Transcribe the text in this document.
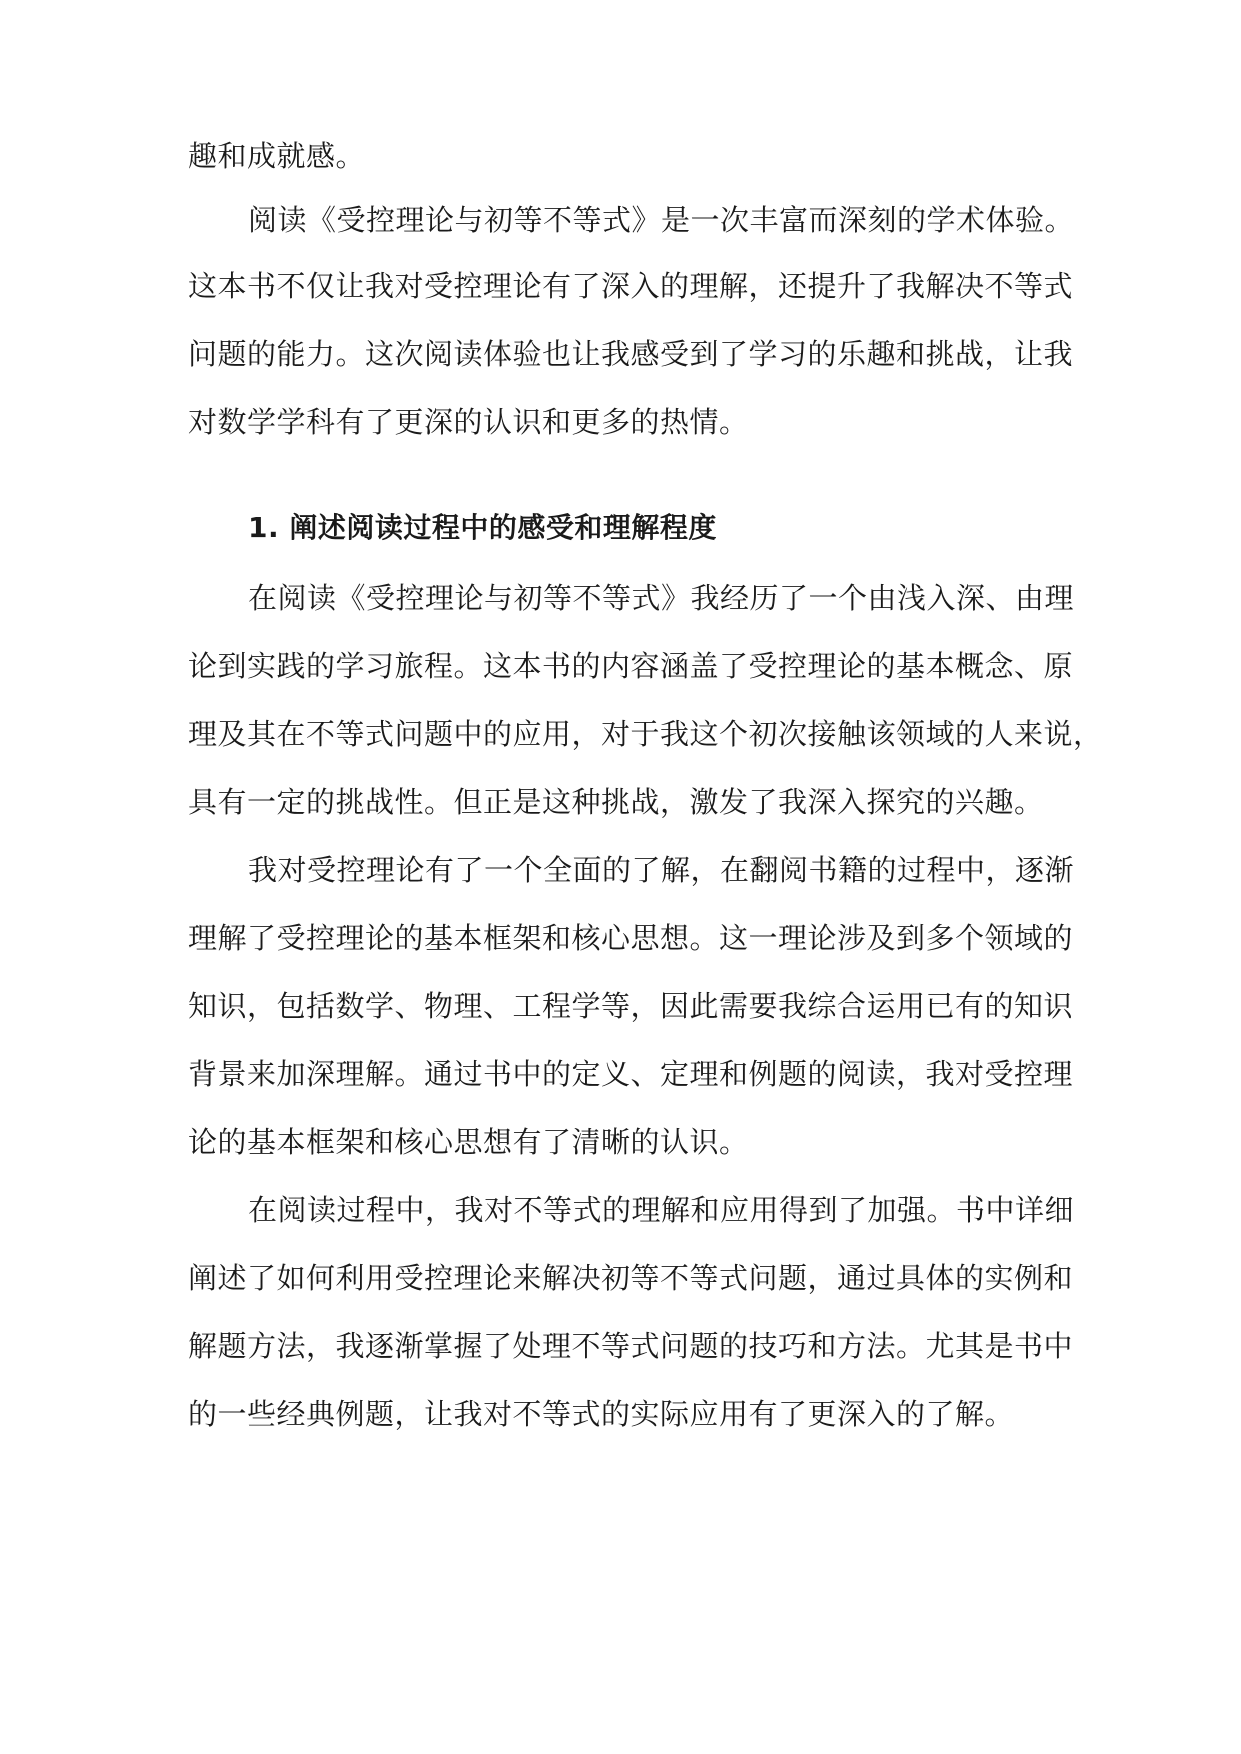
趣和成就感。
阅读《受控理论与初等不等式》是一次丰富而深刻的学术体验。
这本书不仅让我对受控理论有了深入的理解，还提升了我解决不等式
问题的能力。这次阅读体验也让我感受到了学习的乐趣和挑战，让我
对数学学科有了更深的认识和更多的热情。
1. 阐述阅读过程中的感受和理解程度
在阅读《受控理论与初等不等式》我经历了一个由浅入深、由理
论到实践的学习旅程。这本书的内容涵盖了受控理论的基本概念、原
理及其在不等式问题中的应用，对于我这个初次接触该领域的人来说，
具有一定的挑战性。但正是这种挑战，激发了我深入探究的兴趣。
我对受控理论有了一个全面的了解，在翻阅书籍的过程中，逐渐
理解了受控理论的基本框架和核心思想。这一理论涉及到多个领域的
知识，包括数学、物理、工程学等，因此需要我综合运用已有的知识
背景来加深理解。通过书中的定义、定理和例题的阅读，我对受控理
论的基本框架和核心思想有了清晰的认识。
在阅读过程中，我对不等式的理解和应用得到了加强。书中详细
阐述了如何利用受控理论来解决初等不等式问题，通过具体的实例和
解题方法，我逐渐掌握了处理不等式问题的技巧和方法。尤其是书中
的一些经典例题，让我对不等式的实际应用有了更深入的了解。
